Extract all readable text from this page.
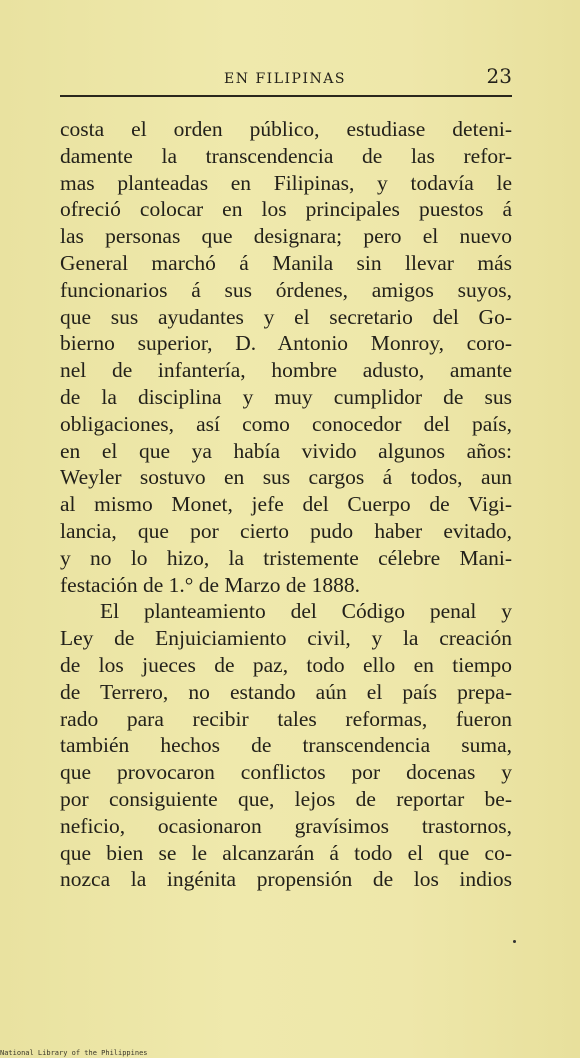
EN FILIPINAS	23
costa el orden público, estudiase deteni-
damente la transcendencia de las refor-
mas planteadas en Filipinas, y todavía le
ofreció colocar en los principales puestos á
las personas que designara; pero el nuevo
General marchó á Manila sin llevar más
funcionarios á sus órdenes, amigos suyos,
que sus ayudantes y el secretario del Go-
bierno superior, D. Antonio Monroy, coro-
nel de infantería, hombre adusto, amante
de la disciplina y muy cumplidor de sus
obligaciones, así como conocedor del país,
en el que ya había vivido algunos años:
Weyler sostuvo en sus cargos á todos, aun
al mismo Monet, jefe del Cuerpo de Vigi-
lancia, que por cierto pudo haber evitado,
y no lo hizo, la tristemente célebre Mani-
festación de 1.° de Marzo de 1888.
El planteamiento del Código penal y
Ley de Enjuiciamiento civil, y la creación
de los jueces de paz, todo ello en tiempo
de Terrero, no estando aún el país prepa-
rado para recibir tales reformas, fueron
también hechos de transcendencia suma,
que provocaron conflictos por docenas y
por consiguiente que, lejos de reportar be-
neficio, ocasionaron gravísimos trastornos,
que bien se le alcanzarán á todo el que co-
nozca la ingénita propensión de los indios
National Library of the Philippines
